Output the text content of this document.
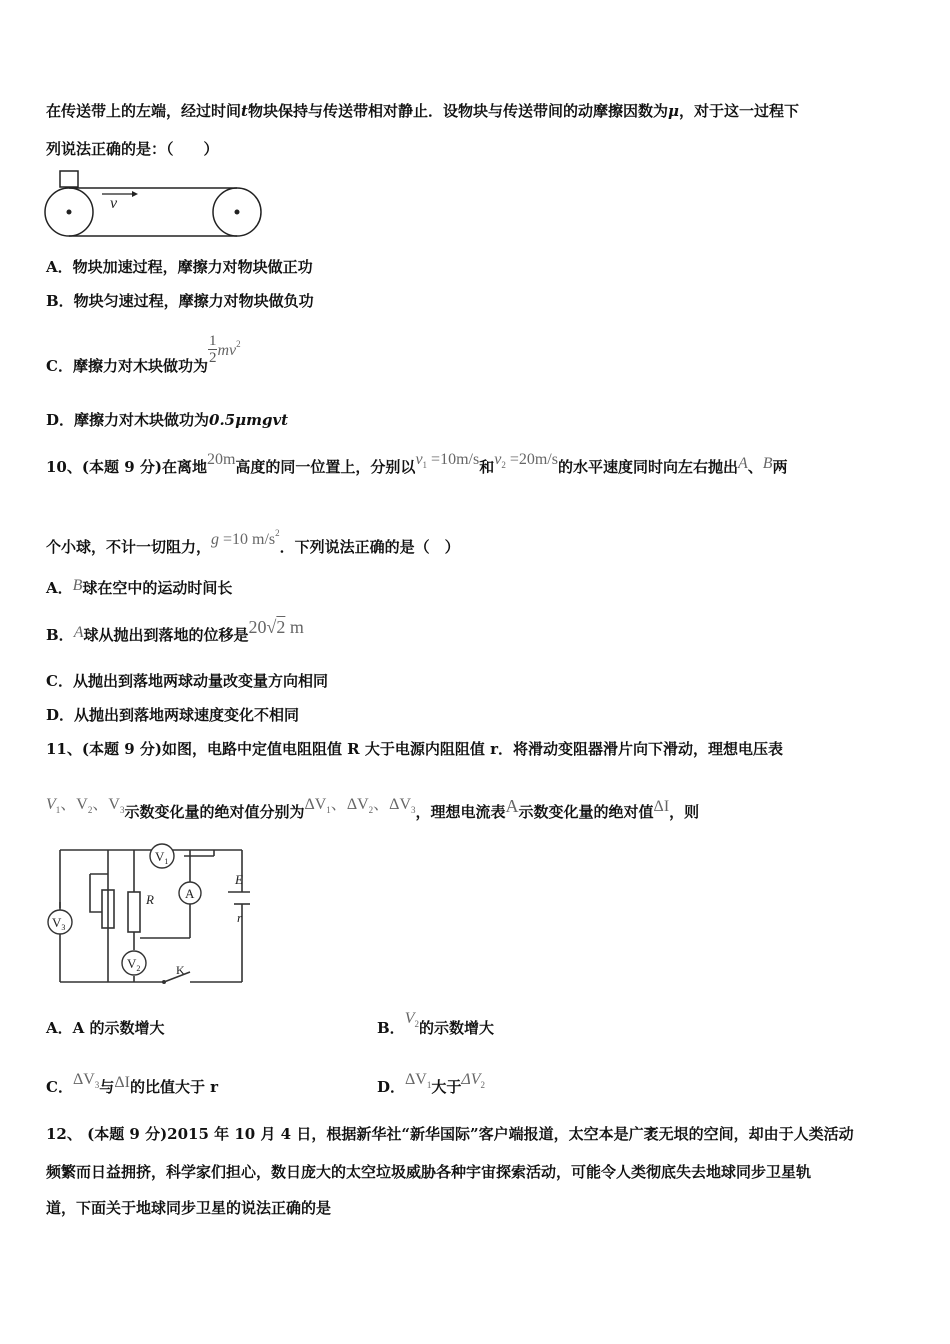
在传送带上的左端，经过时间t物块保持与传送带相对静止．设物块与传送带间的动摩擦因数为μ，对于这一过程下
列说法正确的是：（　　）
v
A．物块加速过程，摩擦力对物块做正功
B．物块匀速过程，摩擦力对物块做负功
C．摩擦力对木块做功为
$\frac{1}{2} mv^2$
D．摩擦力对木块做功为0.5μmgvt
10、(本题 9 分)在离地20m高度的同一位置上，分别以$v^1 =10m/s$和$v^2 =20m/s$的水平速度同时向左右抛出A、B两
个小球，不计一切阻力，g =10 $m/s^2$．下列说法正确的是（　）
A．B球在空中的运动时间长
B．A球从抛出到落地的位移是20√2 m
C．从抛出到落地两球动量改变量方向相同
D．从抛出到落地两球速度变化不相同
11、(本题 9 分)如图，电路中定值电阻阻值 R 大于电源内阻阻值 r．将滑动变阻器滑片向下滑动，理想电压表
$V^1$、$V^2$、$V^3$示数变化量的绝对值分别为$\Delta V^1$、$\Delta V^2$、$\Delta V^3$，理想电流表A示数变化量的绝对值ΔI，则
$V_1$
A
$V_2$
$V_3$
R
E
r
K
A．A 的示数增大	B．$V^2$的示数增大
C．$\Delta V^3$与ΔI的比值大于 r	D．$\Delta V^1$大于$\Delta V^2$
12、 (本题 9 分)2015 年 10 月 4 日，根据新华社“新华国际”客户端报道，太空本是广袤无垠的空间，却由于人类活动
频繁而日益拥挤，科学家们担心，数日庞大的太空垃圾威胁各种宇宙探索活动，可能令人类彻底失去地球同步卫星轨
道，下面关于地球同步卫星的说法正确的是
